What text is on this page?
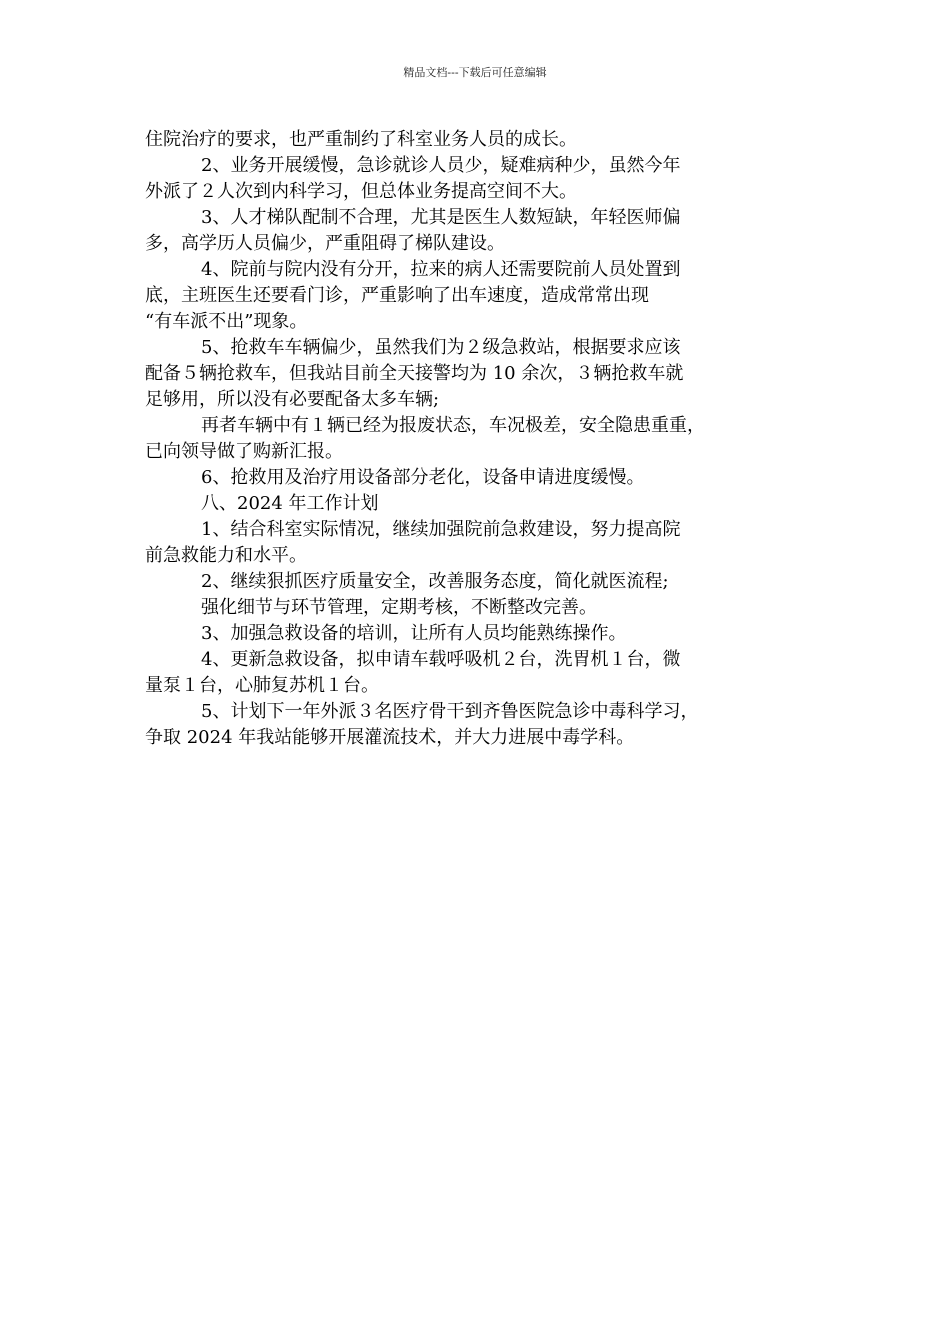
精品文档---下载后可任意编辑

住院治疗的要求，也严重制约了科室业务人员的成长。

2、业务开展缓慢，急诊就诊人员少，疑难病种少，虽然今年

外派了２人次到内科学习，但总体业务提高空间不大。

3、人才梯队配制不合理，尤其是医生人数短缺，年轻医师偏

多，高学历人员偏少，严重阻碍了梯队建设。

4、院前与院内没有分开，拉来的病人还需要院前人员处置到

底，主班医生还要看门诊，严重影响了出车速度，造成常常出现

“有车派不出”现象。

5、抢救车车辆偏少，虽然我们为２级急救站，根据要求应该

配备５辆抢救车，但我站目前全天接警均为 10 余次，３辆抢救车就

足够用，所以没有必要配备太多车辆;

再者车辆中有１辆已经为报废状态，车况极差，安全隐患重重，

已向领导做了购新汇报。

6、抢救用及治疗用设备部分老化，设备申请进度缓慢。

八、2024 年工作计划

1、结合科室实际情况，继续加强院前急救建设，努力提高院

前急救能力和水平。

2、继续狠抓医疗质量安全，改善服务态度，简化就医流程;

强化细节与环节管理，定期考核，不断整改完善。

3、加强急救设备的培训，让所有人员均能熟练操作。

4、更新急救设备，拟申请车载呼吸机２台，洗胃机１台，微

量泵１台，心肺复苏机１台。

5、计划下一年外派３名医疗骨干到齐鲁医院急诊中毒科学习，

争取 2024 年我站能够开展灌流技术，并大力进展中毒学科。
